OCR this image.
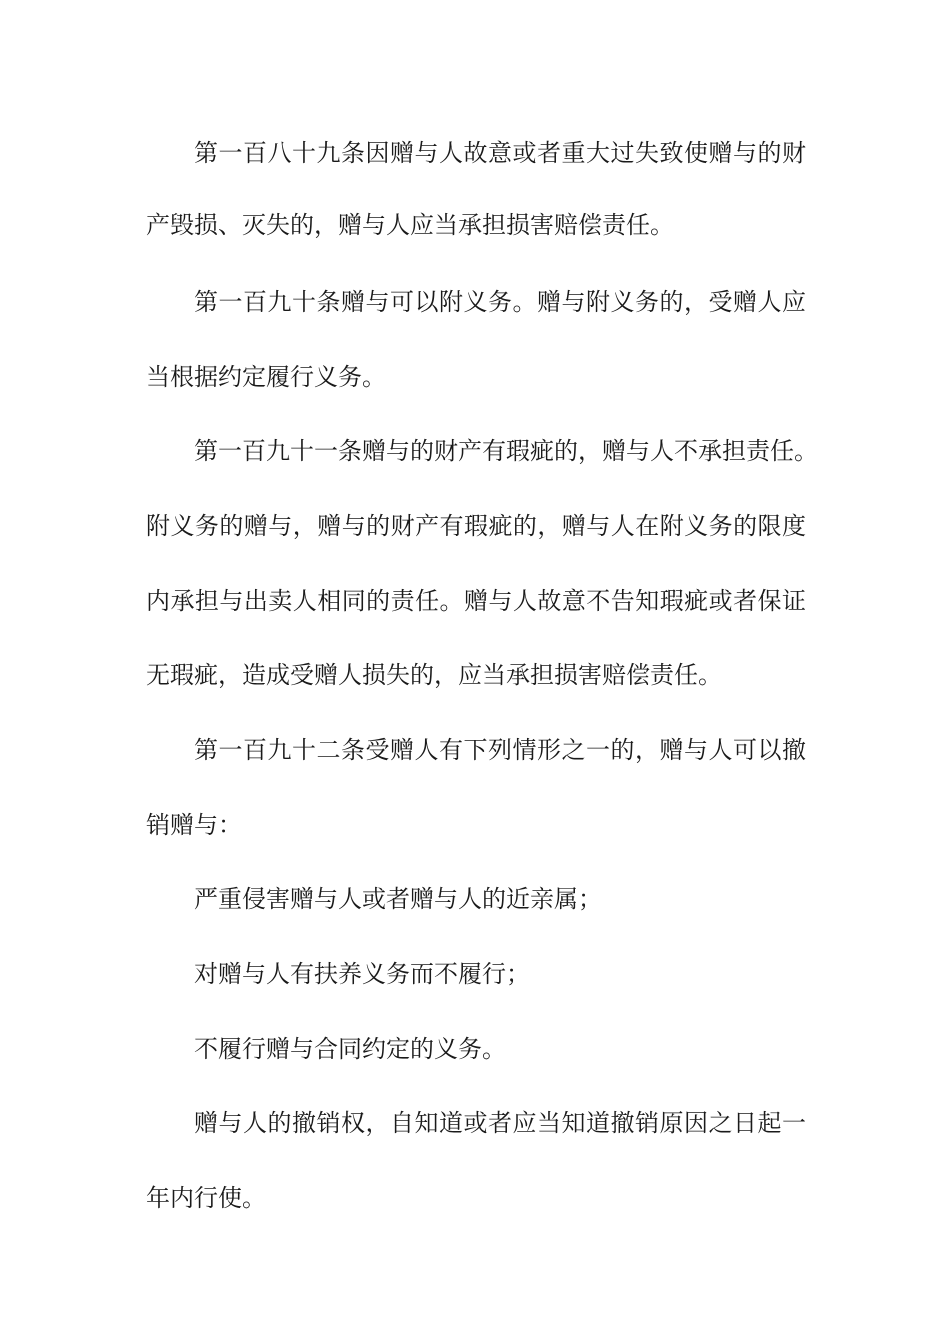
第一百八十九条因赠与人故意或者重大过失致使赠与的财
产毁损、灭失的，赠与人应当承担损害赔偿责任。
第一百九十条赠与可以附义务。赠与附义务的，受赠人应
当根据约定履行义务。
第一百九十一条赠与的财产有瑕疵的，赠与人不承担责任。
附义务的赠与，赠与的财产有瑕疵的，赠与人在附义务的限度
内承担与出卖人相同的责任。赠与人故意不告知瑕疵或者保证
无瑕疵，造成受赠人损失的，应当承担损害赔偿责任。
第一百九十二条受赠人有下列情形之一的，赠与人可以撤
销赠与：
严重侵害赠与人或者赠与人的近亲属；
对赠与人有扶养义务而不履行；
不履行赠与合同约定的义务。
赠与人的撤销权，自知道或者应当知道撤销原因之日起一
年内行使。
